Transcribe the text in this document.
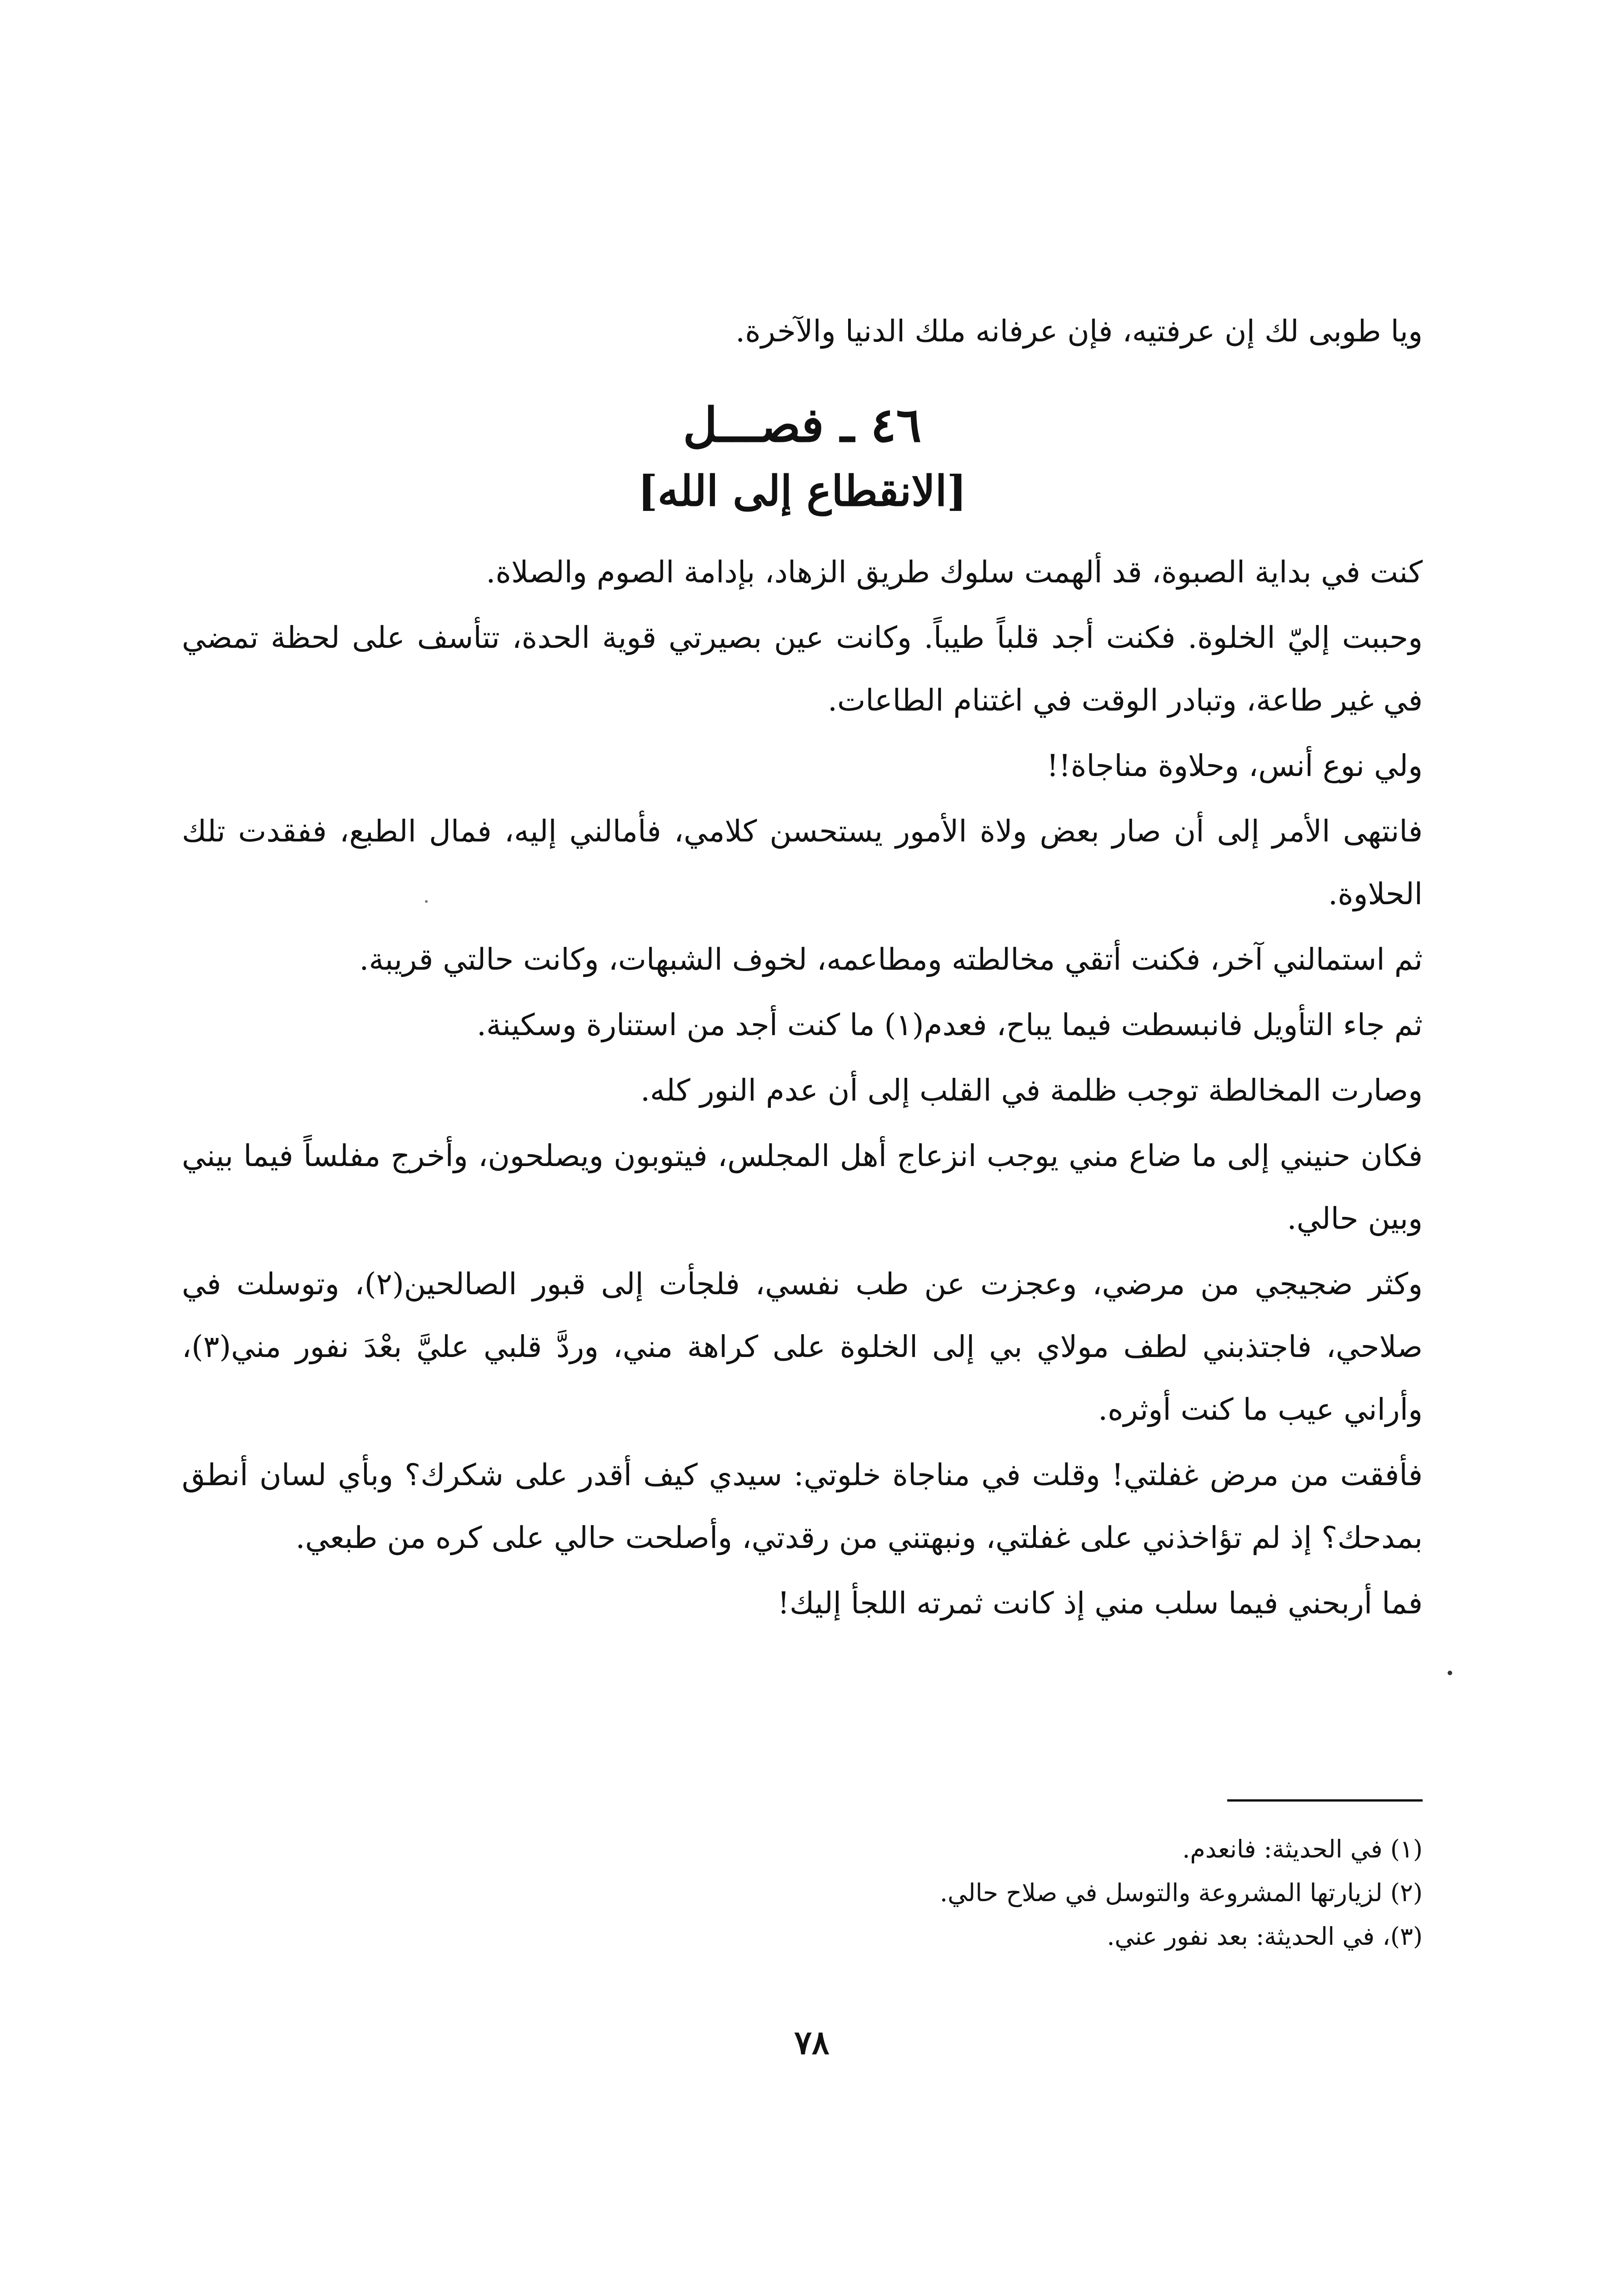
ويا طوبى لك إن عرفتيه، فإن عرفانه ملك الدنيا والآخرة.

٤٦ ـ فصـــل
[الانقطاع إلى الله]

كنت في بداية الصبوة، قد ألهمت سلوك طريق الزهاد، بإدامة الصوم والصلاة.

وحببت إليّ الخلوة. فكنت أجد قلباً طيباً. وكانت عين بصيرتي قوية الحدة، تتأسف على لحظة تمضي في غير طاعة، وتبادر الوقت في اغتنام الطاعات.

ولي نوع أنس، وحلاوة مناجاة!!

فانتهى الأمر إلى أن صار بعض ولاة الأمور يستحسن كلامي، فأمالني إليه، فمال الطبع، ففقدت تلك الحلاوة.

ثم استمالني آخر، فكنت أتقي مخالطته ومطاعمه، لخوف الشبهات، وكانت حالتي قريبة.

ثم جاء التأويل فانبسطت فيما يباح، فعدم(١) ما كنت أجد من استنارة وسكينة.

وصارت المخالطة توجب ظلمة في القلب إلى أن عدم النور كله.

فكان حنيني إلى ما ضاع مني يوجب انزعاج أهل المجلس، فيتوبون ويصلحون، وأخرج مفلساً فيما بيني وبين حالي.

وكثر ضجيجي من مرضي، وعجزت عن طب نفسي، فلجأت إلى قبور الصالحين(٢)، وتوسلت في صلاحي، فاجتذبني لطف مولاي بي إلى الخلوة على كراهة مني، وردَّ قلبي عليَّ بعْدَ نفور مني(٣)، وأراني عيب ما كنت أوثره.

فأفقت من مرض غفلتي! وقلت في مناجاة خلوتي: سيدي كيف أقدر على شكرك؟ وبأي لسان أنطق بمدحك؟ إذ لم تؤاخذني على غفلتي، ونبهتني من رقدتي، وأصلحت حالي على كره من طبعي.

فما أربحني فيما سلب مني إذ كانت ثمرته اللجأ إليك!

(١) في الحديثة: فانعدم.

(٢) لزيارتها المشروعة والتوسل في صلاح حالي.

(٣)، في الحديثة: بعد نفور عني.

٧٨
